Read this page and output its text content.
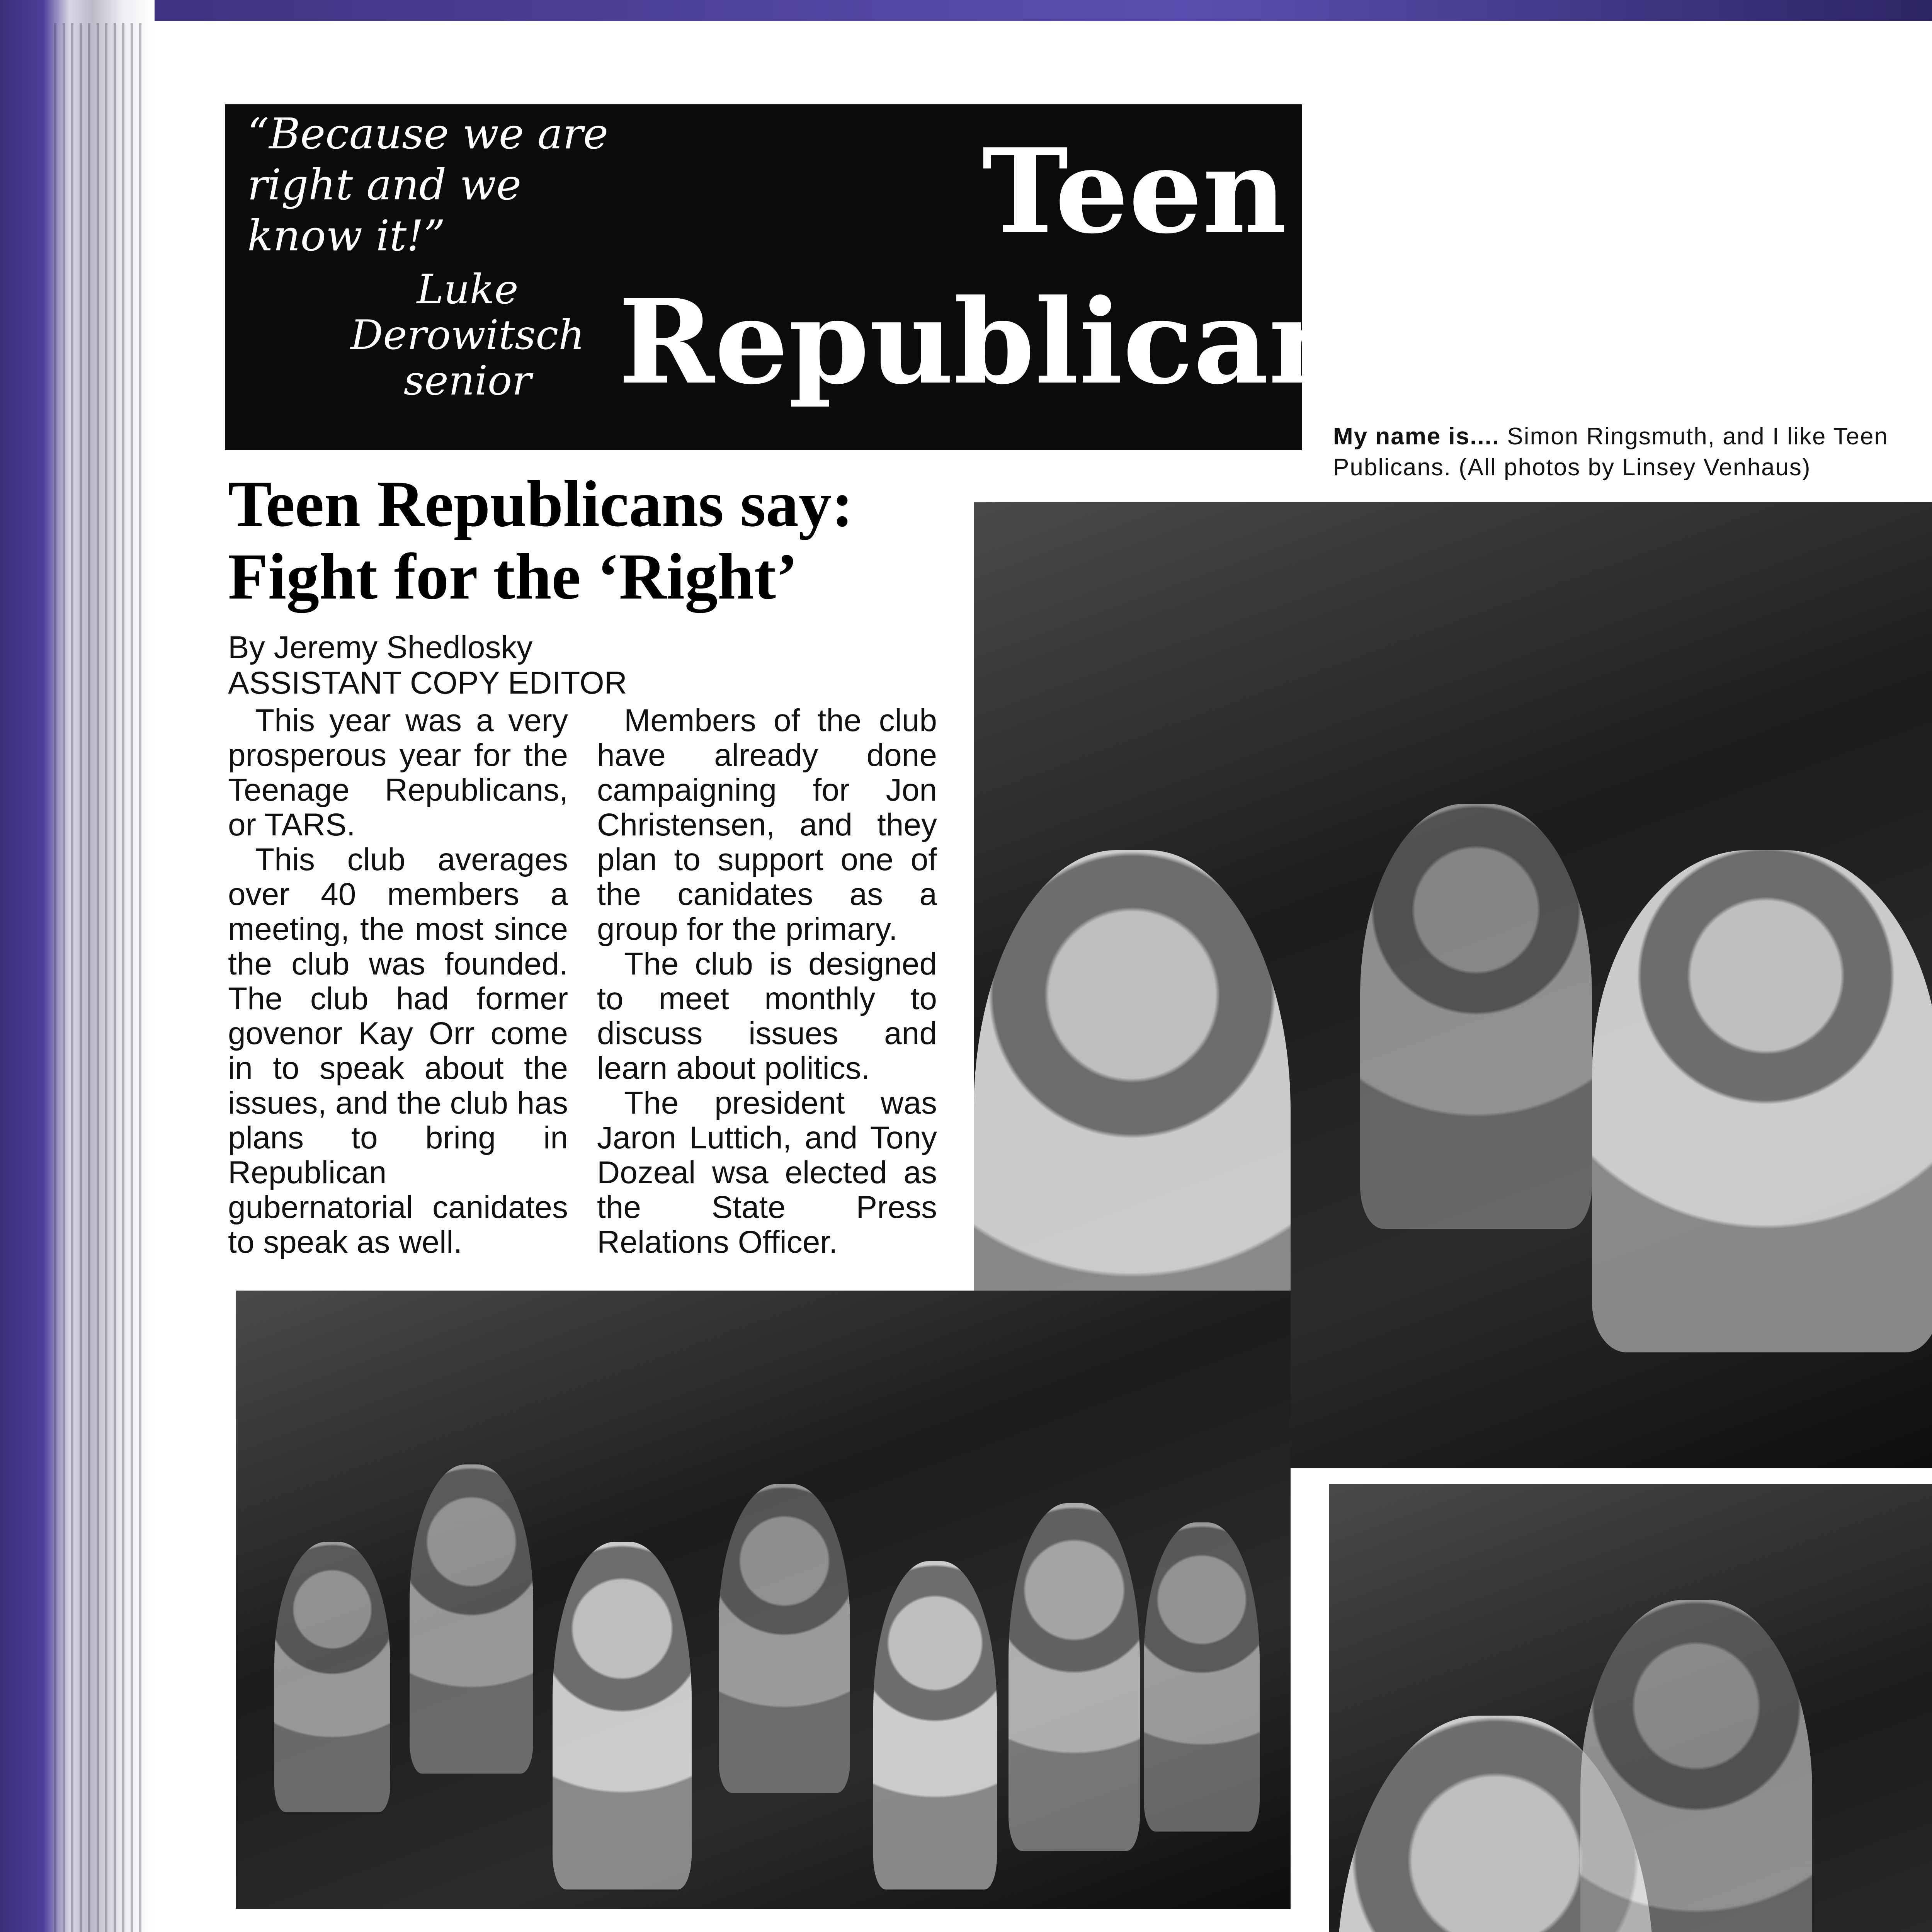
“Because we are right and we know it!”
Luke Derowitsch
senior
Teen
Republicans
My name is.... Simon Ringsmuth, and I like Teen Publicans. (All photos by Linsey Venhaus)
Teen Republicans say:
Fight for the ‘Right’
By Jeremy Shedlosky
ASSISTANT COPY EDITOR

This year was a very prosperous year for the Teenage Republicans, or TARS.

This club averages over 40 members a meeting, the most since the club was founded. The club had former govenor Kay Orr come in to speak about the issues, and the club has plans to bring in Republican gubernatorial canidates to speak as well.

Members of the club have already done campaigning for Jon Christensen, and they plan to support one of the canidates as a group for the primary.

The club is designed to meet monthly to discuss issues and learn about politics.

The president was Jaron Luttich, and Tony Dozeal wsa elected as the State Press Relations Officer.
